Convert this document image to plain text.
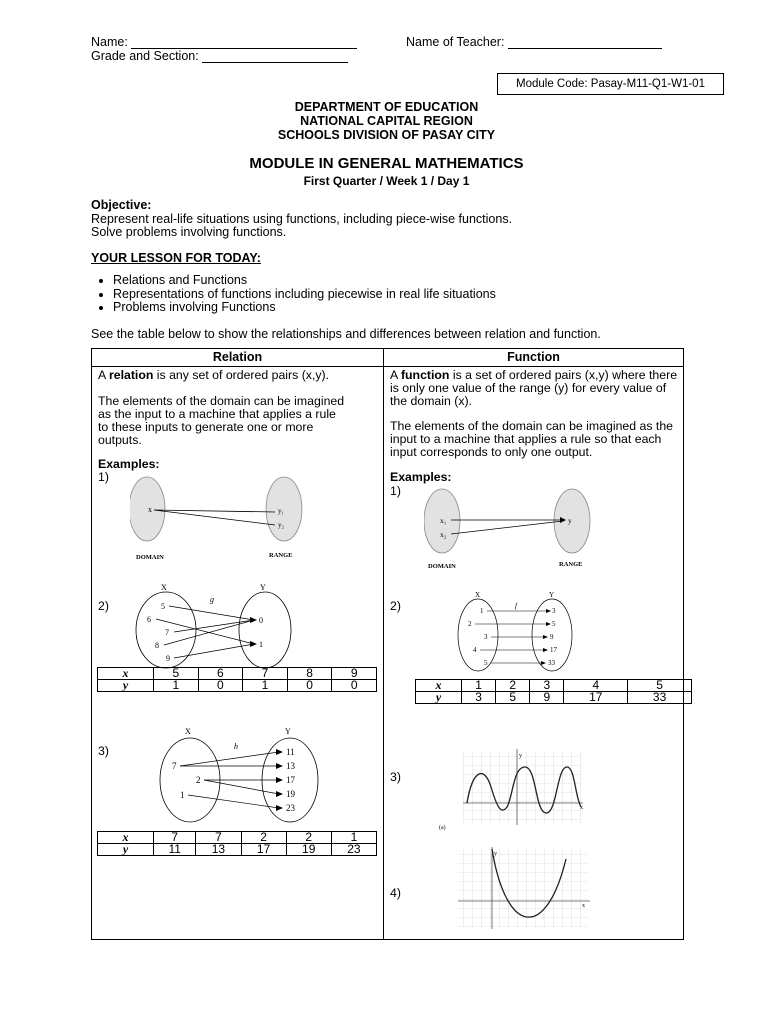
Name:	Name of Teacher:
Grade and Section:
Module Code: Pasay-M11-Q1-W1-01
DEPARTMENT OF EDUCATION
NATIONAL CAPITAL REGION
SCHOOLS DIVISION OF PASAY CITY
MODULE IN GENERAL MATHEMATICS
First Quarter / Week 1 / Day 1
Objective:
Represent real-life situations using functions, including piece-wise functions.
Solve problems involving functions.
YOUR LESSON FOR TODAY:
• Relations and Functions
• Representations of functions including piecewise in real life situations
• Problems involving Functions
See the table below to show the relationships and differences between relation and function.
Relation	Function
A relation is any set of ordered pairs (x,y).
The elements of the domain can be imagined
as the input to a machine that applies a rule
to these inputs to generate one or more
outputs.
Examples:
1)
2)
3)
x	y₁
y₂
DOMAIN	RANGE
X	Y
g
5
6
7
8
9
0
1
x	5	6	7	8	9
y	1	0	1	0	0
X	Y
h
7
2
1
11
13
17
19
23
x	7	7	2	2	1
y	11	13	17	19	23
A function is a set of ordered pairs (x,y) where there
is only one value of the range (y) for every value of
the domain (x).
The elements of the domain can be imagined as the
input to a machine that applies a rule so that each
input corresponds to only one output.
Examples:
1)
2)
3)
4)
x₁
x₂
y
DOMAIN	RANGE
X	Y
f
1
2
3
4
5
3
5
9
17
33
x	1	2	3	4	5
y	3	5	9	17	33
y
x
(a)
y
x
